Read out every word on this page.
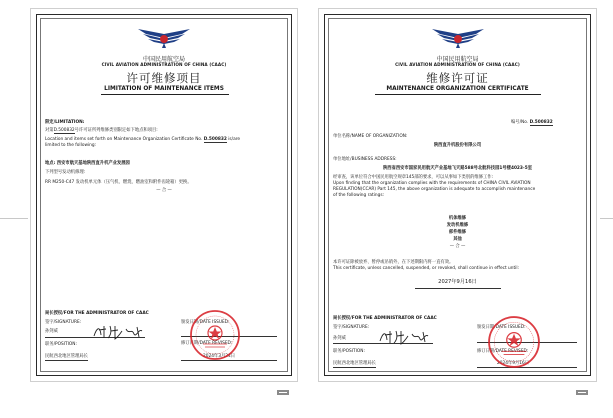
中国民用航空局
CIVIL AVIATION ADMINISTRATION OF CHINA (CAAC)
许可维修项目
LIMITATION OF MAINTENANCE ITEMS
限定/LIMITATION:
对第D.500832号许可证所列维修类别限定如下地点和项目:
Location and items set forth on Maintenance Organization Certificate No. D.500832 is/are
limited to the following:
地点: 西安市航天基地陕西直升机产业发展园
下列型号发动机修理:
RR M250-C47 发动机单元体（压气机、燃烧、燃油室和附件齿轮箱）更换。
— 合 —
局长授权/FOR THE ADMINISTRATOR OF CAAC
签字/SIGNATURE:
孙剑威
职务/POSITION:
民航西北地区管理局长
颁发日期/DATE ISSUED:
修订日期/DATE REVISED:
2024年3月24日
中国民用航空局
CIVIL AVIATION ADMINISTRATION OF CHINA (CAAC)
维修许可证
MAINTENANCE ORGANIZATION CERTIFICATE
编号/No. D.500832
单位名称/NAME OF ORGANIZATION:
陕西直升机股份有限公司
单位地址/BUSINESS ADDRESS:
陕西省西安市国家民用航天产业基地飞天路588号北航科技园1号楼4023-5室
经审查，该单位符合中国民用航空规章145部的要求，可以从事如下类别的维修工作:
Upon finding that the organization complies with the requirements of CHINA CIVIL AVIATION
REGULATION(CCAR) Part 145, the above organization is adequate to accomplish maintenance
of the following ratings:
机体维修
发动机维修
部件维修
其他
— 合 —
本许可证除被放弃、暂停或吊销外，在下述期限内将一直有效。
This certificate, unless cancelled, suspended, or revoked, shall continue in effect until:
2027年9月16日
局长授权/FOR THE ADMINISTRATOR OF CAAC
签字/SIGNATURE:
孙剑威
职务/POSITION:
民航西北地区管理局长
颁发日期/DATE ISSUED:
修订日期/DATE REVISED:
2024年9月16日
